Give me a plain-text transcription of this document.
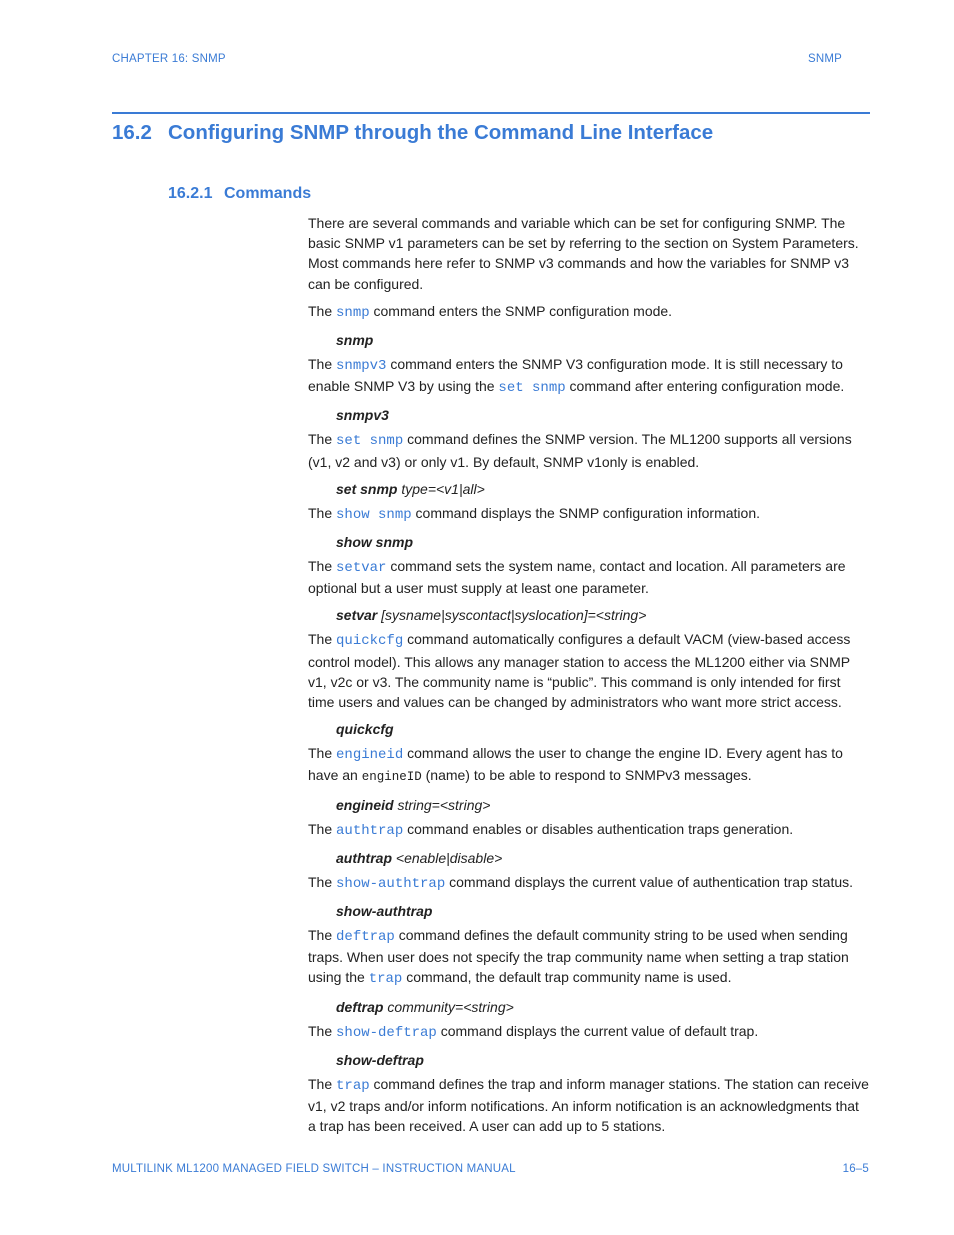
CHAPTER 16: SNMP	SNMP
16.2 Configuring SNMP through the Command Line Interface
16.2.1 Commands

There are several commands and variable which can be set for configuring SNMP. The basic SNMP v1 parameters can be set by referring to the section on System Parameters. Most commands here refer to SNMP v3 commands and how the variables for SNMP v3 can be configured.

The snmp command enters the SNMP configuration mode.

snmp

The snmpv3 command enters the SNMP V3 configuration mode. It is still necessary to enable SNMP V3 by using the set snmp command after entering configuration mode.

snmpv3

The set snmp command defines the SNMP version. The ML1200 supports all versions (v1, v2 and v3) or only v1. By default, SNMP v1only is enabled.

set snmp type=<v1|all>

The show snmp command displays the SNMP configuration information.

show snmp

The setvar command sets the system name, contact and location. All parameters are optional but a user must supply at least one parameter.

setvar [sysname|syscontact|syslocation]=<string>

The quickcfg command automatically configures a default VACM (view-based access control model). This allows any manager station to access the ML1200 either via SNMP v1, v2c or v3. The community name is “public”. This command is only intended for first time users and values can be changed by administrators who want more strict access.

quickcfg

The engineid command allows the user to change the engine ID. Every agent has to have an engineID (name) to be able to respond to SNMPv3 messages.

engineid string=<string>

The authtrap command enables or disables authentication traps generation.

authtrap <enable|disable>

The show-authtrap command displays the current value of authentication trap status.

show-authtrap

The deftrap command defines the default community string to be used when sending traps. When user does not specify the trap community name when setting a trap station using the trap command, the default trap community name is used.

deftrap community=<string>

The show-deftrap command displays the current value of default trap.

show-deftrap

The trap command defines the trap and inform manager stations. The station can receive v1, v2 traps and/or inform notifications. An inform notification is an acknowledgments that a trap has been received. A user can add up to 5 stations.

MULTILINK ML1200 MANAGED FIELD SWITCH – INSTRUCTION MANUAL	16–5
